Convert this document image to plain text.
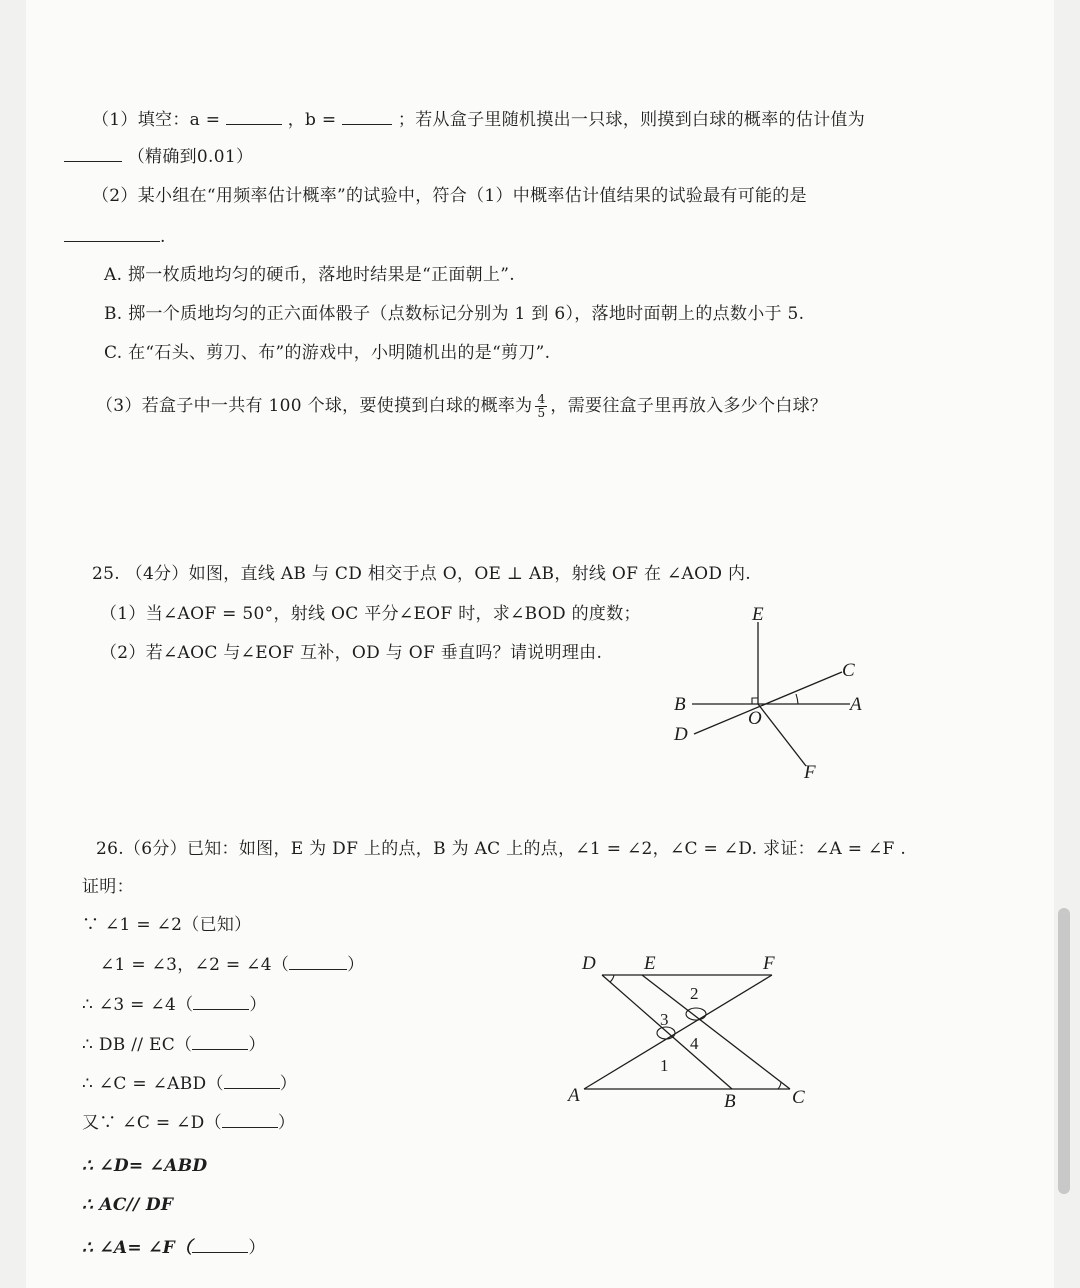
（1）填空：a =	，b =	；若从盒子里随机摸出一只球，则摸到白球的概率的估计值为
（精确到0.01）
（2）某小组在“用频率估计概率”的试验中，符合（1）中概率估计值结果的试验最有可能的是
.
A. 掷一枚质地均匀的硬币，落地时结果是“正面朝上”.
B. 掷一个质地均匀的正六面体骰子（点数标记分别为 1 到 6），落地时面朝上的点数小于 5.
C. 在“石头、剪刀、布”的游戏中，小明随机出的是“剪刀”.
（3）若盒子中一共有 100 个球，要使摸到白球的概率为 $\frac{4}{5}$ ，需要往盒子里再放入多少个白球？
25. （4分）如图，直线 AB 与 CD 相交于点 O，OE ⊥ AB，射线 OF 在 ∠AOD 内.
（1）当∠AOF = 50°，射线 OC 平分∠EOF 时，求∠BOD 的度数；
（2）若∠AOC 与∠EOF 互补，OD 与 OF 垂直吗？请说明理由.
E
C
B
O
A
D
F
26.（6分）已知：如图，E 为 DF 上的点，B 为 AC 上的点，∠1 = ∠2，∠C = ∠D. 求证：∠A = ∠F .
证明：
∵ ∠1 = ∠2（已知）
∠1 = ∠3，∠2 = ∠4（	）
∴ ∠3 = ∠4（	）
∴ DB // EC（	）
∴ ∠C = ∠ABD（	）
又∵ ∠C = ∠D（	）
∴ ∠D= ∠ABD
∴ AC// DF
∴ ∠A= ∠F（	）
D	E	F
A	B	C
1
2
3
4
